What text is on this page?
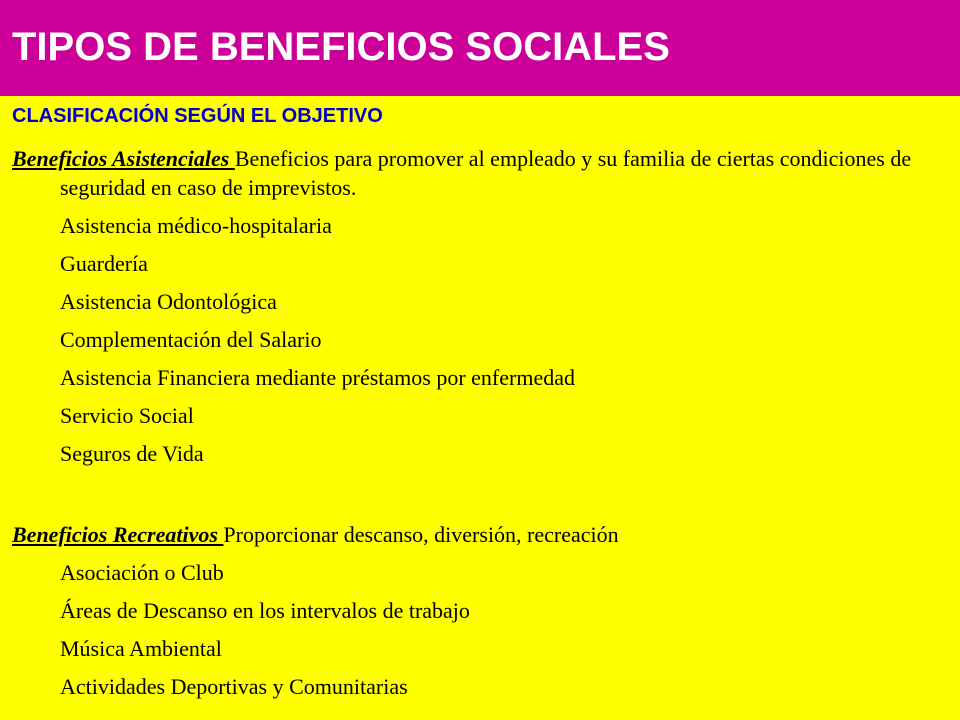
TIPOS DE BENEFICIOS SOCIALES
CLASIFICACIÓN SEGÚN EL OBJETIVO
Beneficios Asistenciales Beneficios para promover al empleado y su familia de ciertas condiciones de seguridad en caso de imprevistos.
Asistencia médico-hospitalaria
Guardería
Asistencia Odontológica
Complementación del Salario
Asistencia Financiera mediante préstamos por enfermedad
Servicio Social
Seguros de Vida
Beneficios Recreativos Proporcionar descanso, diversión, recreación
Asociación o Club
Áreas de Descanso en los intervalos de trabajo
Música Ambiental
Actividades Deportivas y Comunitarias
